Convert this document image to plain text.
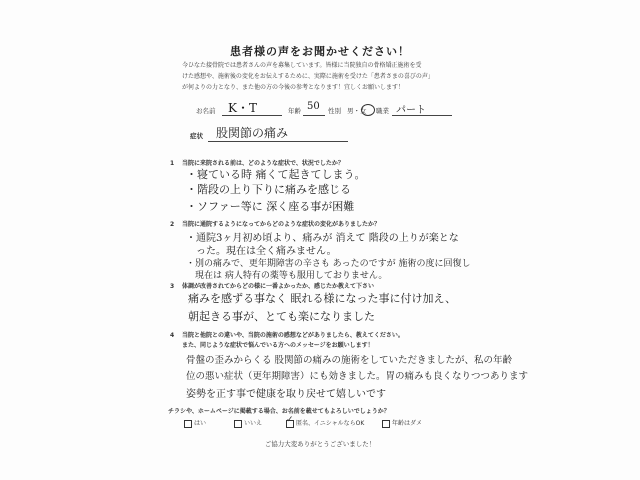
患者様の声をお聞かせください！
今ひなた接骨院では患者さんの声を募集しています。皆様に当院独自の骨格矯正施術を受
けた感想や、施術後の変化をお伝えするために、実際に施術を受けた「患者さまの喜びの声」
が何よりの力となり、また他の方の今後の参考となります！宜しくお願いします！
お名前 K・T	年齢 50 性別 男・女 職業 パート
症状 股関節の痛み
1 当院に来院される前は、どのような症状で、状況でしたか？
・寝ている時 痛くて起きてしまう。
・階段の上り下りに痛みを感じる
・ソファー等に 深く座る事が困難
2 当院に通院するようになってからどのような症状の変化がありましたか？
・通院3ヶ月初め頃より、痛みが 消えて 階段の上りが楽とな
　った。現在は全く痛みません。
・別の痛みで、更年期障害の辛さも あったのですが 施術の度に回復し
　現在は 病人特有の薬等も服用しておりません。
3 体調が改善されてからどの様に一番よかったか、感じたか教えて下さい
痛みを感ずる事なく 眠れる様になった事に付け加え、
朝起きる事が、とても楽になりました
4 当院と他院との違いや、当院の施術の感想などがありましたら、教えてください。
また、同じような症状で悩んでいる方へのメッセージをお願いします！
骨盤の歪みからくる 股関節の痛みの施術をしていただきましたが、私の年齢
位の悪い症状（更年期障害）にも効きました。胃の痛みも良くなりつつあります
姿勢を正す事で健康を取り戻せて嬉しいです
チラシや、ホームページに掲載する場合、お名前を載せてもよろしいでしょうか？
はい	いいえ	✓ 匿名、イニシャルならOK	年齢はダメ
ご協力大変ありがとうございました！
